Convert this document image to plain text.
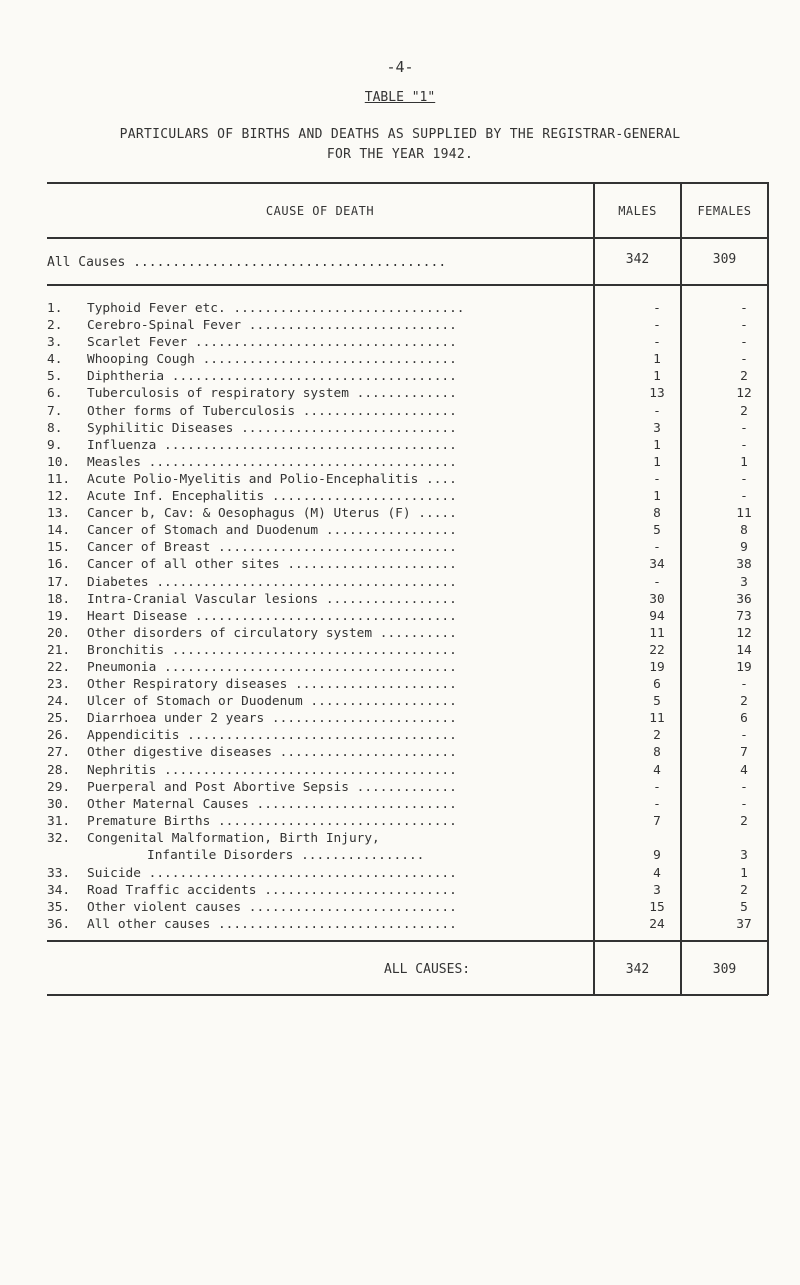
-4-
TABLE "1"
PARTICULARS OF BIRTHS AND DEATHS AS SUPPLIED BY THE REGISTRAR-GENERAL
FOR THE YEAR 1942.
CAUSE OF DEATH	MALES	FEMALES
All Causes ........................................	342	309
1.	Typhoid Fever etc. ..............................	-	-
2.	Cerebro-Spinal Fever ...........................	-	-
3.	Scarlet Fever ..................................	-	-
4.	Whooping Cough .................................	1	-
5.	Diphtheria .....................................	1	2
6.	Tuberculosis of respiratory system .............	13	12
7.	Other forms of Tuberculosis ....................	-	2
8.	Syphilitic Diseases ............................	3	-
9.	Influenza ......................................	1	-
10.	Measles ........................................	1	1
11.	Acute Polio-Myelitis and Polio-Encephalitis ....	-	-
12.	Acute Inf. Encephalitis ........................	1	-
13.	Cancer b, Cav: & Oesophagus (M) Uterus (F) .....	8	11
14.	Cancer of Stomach and Duodenum .................	5	8
15.	Cancer of Breast ...............................	-	9
16.	Cancer of all other sites ......................	34	38
17.	Diabetes .......................................	-	3
18.	Intra-Cranial Vascular lesions .................	30	36
19.	Heart Disease ..................................	94	73
20.	Other disorders of circulatory system ..........	11	12
21.	Bronchitis .....................................	22	14
22.	Pneumonia ......................................	19	19
23.	Other Respiratory diseases .....................	6	-
24.	Ulcer of Stomach or Duodenum ...................	5	2
25.	Diarrhoea under 2 years ........................	11	6
26.	Appendicitis ...................................	2	-
27.	Other digestive diseases .......................	8	7
28.	Nephritis ......................................	4	4
29.	Puerperal and Post Abortive Sepsis .............	-	-
30.	Other Maternal Causes ..........................	-	-
31.	Premature Births ...............................	7	2
32.	Congenital Malformation, Birth Injury,
Infantile Disorders ................	9	3
33.	Suicide ........................................	4	1
34.	Road Traffic accidents .........................	3	2
35.	Other violent causes ...........................	15	5
36.	All other causes ...............................	24	37
ALL CAUSES:	342	309
